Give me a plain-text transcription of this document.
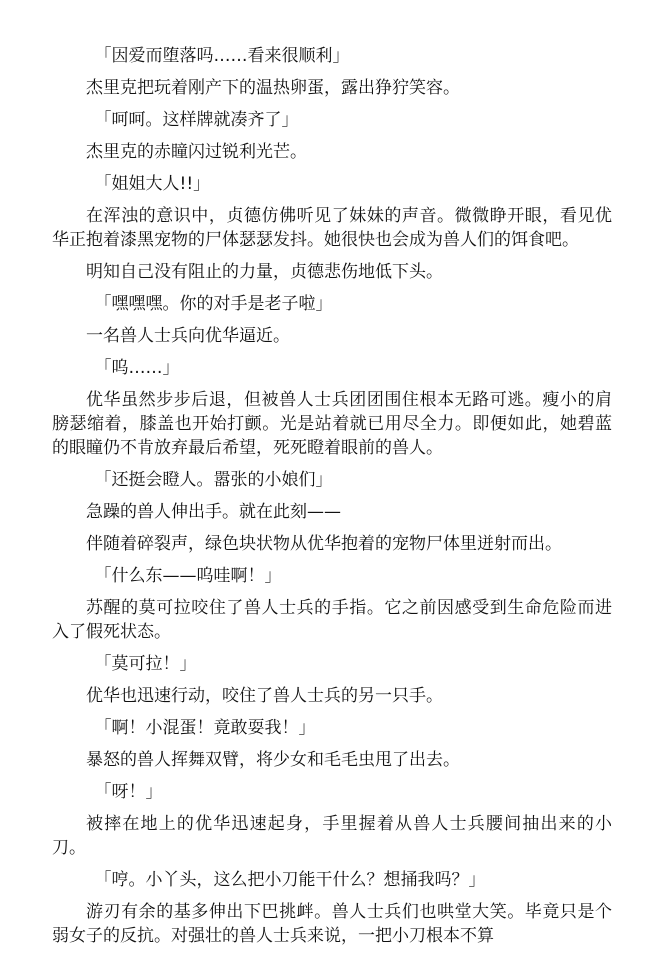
「因爱而堕落吗……看来很顺利」

杰里克把玩着刚产下的温热卵蛋，露出狰狞笑容。

「呵呵。这样牌就凑齐了」

杰里克的赤瞳闪过锐利光芒。

「姐姐大人!!」

在浑浊的意识中，贞德仿佛听见了妹妹的声音。微微睁开眼，看见优华正抱着漆黑宠物的尸体瑟瑟发抖。她很快也会成为兽人们的饵食吧。

明知自己没有阻止的力量，贞德悲伤地低下头。

「嘿嘿嘿。你的对手是老子啦」

一名兽人士兵向优华逼近。

「呜……」

优华虽然步步后退，但被兽人士兵团团围住根本无路可逃。瘦小的肩膀瑟缩着，膝盖也开始打颤。光是站着就已用尽全力。即便如此，她碧蓝的眼瞳仍不肯放弃最后希望，死死瞪着眼前的兽人。

「还挺会瞪人。嚣张的小娘们」

急躁的兽人伸出手。就在此刻——

伴随着碎裂声，绿色块状物从优华抱着的宠物尸体里迸射而出。

「什么东——呜哇啊！」

苏醒的莫可拉咬住了兽人士兵的手指。它之前因感受到生命危险而进入了假死状态。

「莫可拉！」

优华也迅速行动，咬住了兽人士兵的另一只手。

「啊！小混蛋！竟敢耍我！」

暴怒的兽人挥舞双臂，将少女和毛毛虫甩了出去。

「呀！」

被摔在地上的优华迅速起身，手里握着从兽人士兵腰间抽出来的小刀。

「哼。小丫头，这么把小刀能干什么？想捅我吗？」

游刃有余的基多伸出下巴挑衅。兽人士兵们也哄堂大笑。毕竟只是个弱女子的反抗。对强壮的兽人士兵来说，一把小刀根本不算
